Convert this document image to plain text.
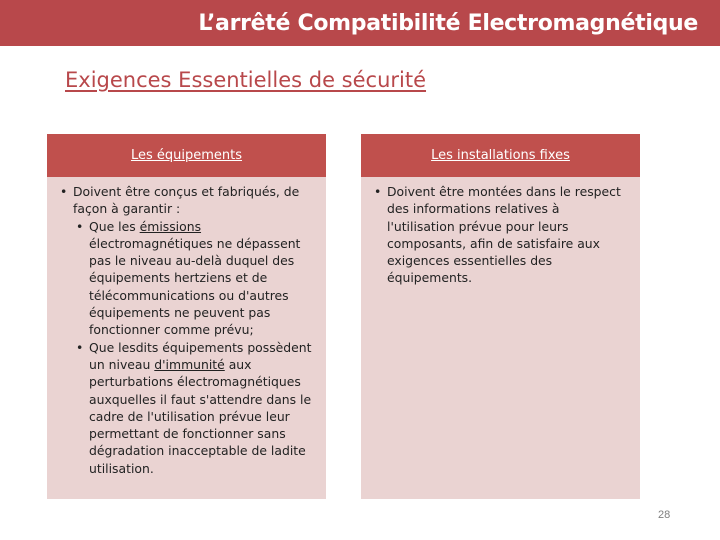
L’arrêté Compatibilité Electromagnétique
Exigences Essentielles de sécurité
Les équipements
• Doivent être conçus et fabriqués, de façon à garantir :
• Que les émissions électromagnétiques ne dépassent pas le niveau au-delà duquel des équipements hertziens et de télécommunications ou d'autres équipements ne peuvent pas fonctionner comme prévu;
• Que lesdits équipements possèdent un niveau d'immunité aux perturbations électromagnétiques auxquelles il faut s'attendre dans le cadre de l'utilisation prévue leur permettant de fonctionner sans dégradation inacceptable de ladite utilisation.
Les installations fixes
• Doivent être montées dans le respect des informations relatives à l'utilisation prévue pour leurs composants, afin de satisfaire aux exigences essentielles des équipements.
28
